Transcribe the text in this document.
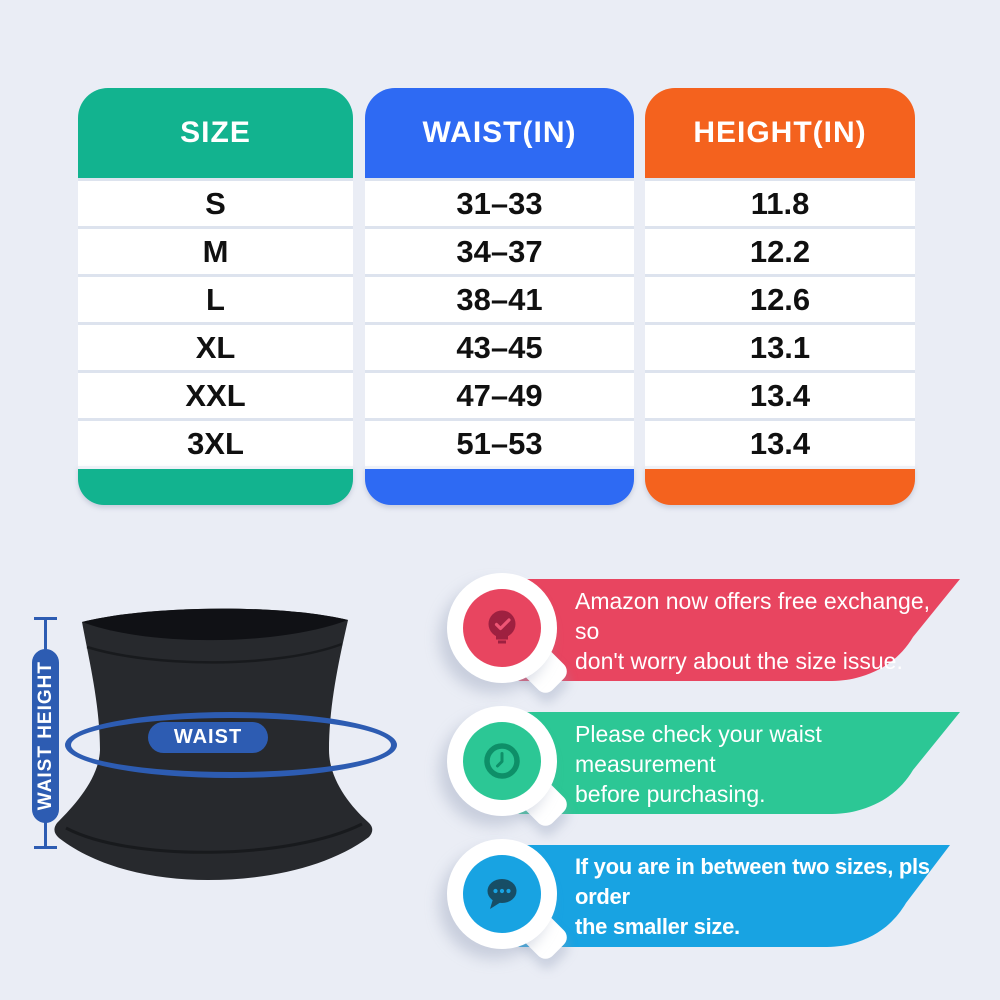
SIZE
S
M
L
XL
XXL
3XL
WAIST(IN)
31–33
34–37
38–41
43–45
47–49
51–53
HEIGHT(IN)
11.8
12.2
12.6
13.1
13.4
13.4
WAIST HEIGHT	WAIST
Amazon now offers free exchange, so
don't worry about the size issue.
Please check your waist measurement
before purchasing.
If you are in between two sizes, pls order
the smaller size.
